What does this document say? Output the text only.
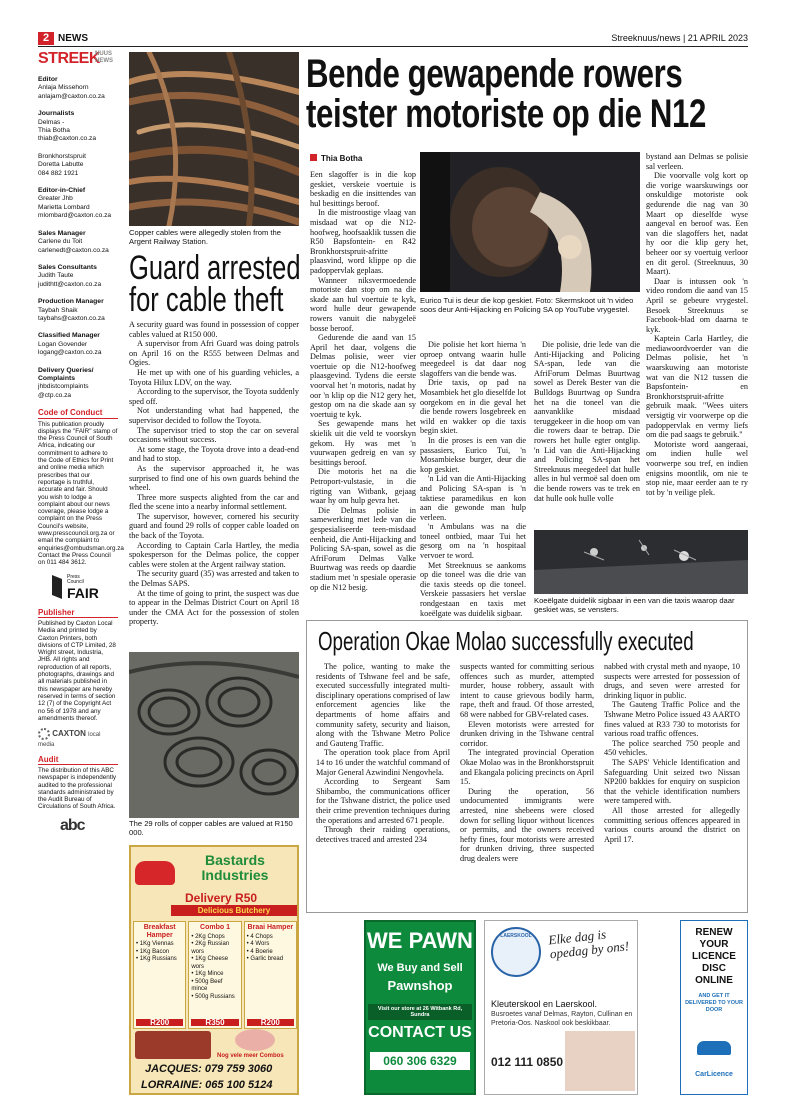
2 NEWS	Streeknuus/news | 21 APRIL 2023
STREEK
NUUS
NEWS
Editor
Anlaja Missehorn
anlajam@caxton.co.za
Journalists
Delmas -
Thia Botha
thiab@caxton.co.za
Bronkhorstspruit
Doretta Labutte
084 882 1921
Editor-in-Chief
Greater Jhb
Marietta Lombard
mlombard@caxton.co.za
Sales Manager
Carlene du Toit
carlenedt@caxton.co.za
Sales Consultants
Judith Taute
judithtt@caxton.co.za
Production Manager
Taybah Shaik
taybahs@caxton.co.za
Classified Manager
Logan Govender
logang@caxton.co.za
Delivery Queries/ Complaints
jhbdistcomplaints
@ctp.co.za
Code of Conduct
This publication proudly displays the "FAIR" stamp of the Press Council of South Africa, indicating our commitment to adhere to the Code of Ethics for Print and online media which prescribes that our reportage is truthful, accurate and fair. Should you wish to lodge a complaint about our news coverage, please lodge a complaint on the Press Council's website, www.presscouncil.org.za or email the complaint to enquiries@ombudsman.org.za Contact the Press Council on 011 484 3612.
Press Council
FAIR
Publisher
Published by Caxton Local Media and printed by Caxton Printers, both divisions of CTP Limited, 28 Wright street, Industria, JHB. All rights and reproduction of all reports, photographs, drawings and all materials published in this newspaper are hereby reserved in terms of section 12 (7) of the Copyright Act no 56 of 1978 and any amendments thereof.
CAXTON local media
Audit
The distribution of this ABC newspaper is independently audited to the professional standards administrated by the Audit Bureau of Circulations of South Africa.
abc
Copper cables were allegedly stolen from the Argent Railway Station.
Guard arrested for cable theft

A security guard was found in possession of copper cables valued at R150 000.

A supervisor from Afri Guard was doing patrols on April 16 on the R555 between Delmas and Ogies.

He met up with one of his guarding vehicles, a Toyota Hilux LDV, on the way.

According to the supervisor, the Toyota suddenly sped off.

Not understanding what had happened, the supervisor decided to follow the Toyota.

The supervisor tried to stop the car on several occasions without success.

At some stage, the Toyota drove into a dead-end and had to stop.

As the supervisor approached it, he was surprised to find one of his own guards behind the wheel.

Three more suspects alighted from the car and fled the scene into a nearby informal settlement.

The supervisor, however, cornered his security guard and found 29 rolls of copper cable loaded on the back of the Toyota.

According to Captain Carla Hartley, the media spokesperson for the Delmas police, the copper cables were stolen at the Argent railway station.

The security guard (35) was arrested and taken to the Delmas SAPS.

At the time of going to print, the suspect was due to appear in the Delmas District Court on April 18 under the CMA Act for the possession of stolen property.

The 29 rolls of copper cables are valued at R150 000.
Bastards Industries
Delivery R50
Delicious Butchery
Breakfast Hamper
• 1Kg Viennas
• 1Kg Bacon
• 1Kg Russians
R200
Combo 1
• 2Kg Chops
• 2Kg Russian wors
• 1Kg Cheese wors
• 1Kg Mince
• 500g Beef mince
• 500g Russians
R350
Braai Hamper
• 4 Chops
• 4 Wors
• 4 Boerie
• Garlic bread
R200
Nog vele meer Combos
JACQUES: 079 759 3060
LORRAINE: 065 100 5124
Bende gewapende rowers teister motoriste op die N12
Thia Botha

Een slagoffer is in die kop geskiet, verskeie voertuie is beskadig en die insittendes van hul besittings beroof.

In die mistroostige vlaag van misdaad wat op die N12-hoofweg, hoofsaaklik tussen die R50 Bapsfontein- en R42 Bronkhorstspruit-afritte plaasvind, word klippe op die padoppervlak geplaas.

Wanneer niksvermoedende motoriste dan stop om na die skade aan hul voertuie te kyk, word hulle deur gewapende rowers vanuit die nabygeleë bosse beroof.

Gedurende die aand van 15 April het daar, volgens die Delmas polisie, weer vier voertuie op die N12-hoofweg plaasgevind. Tydens die eerste voorval het 'n motoris, nadat hy oor 'n klip op die N12 gery het, gestop om na die skade aan sy voertuig te kyk.

Ses gewapende mans het skielik uit die veld te voorskyn gekom. Hy was met 'n vuurwapen gedreig en van sy besittings beroof.

Die motoris het na die Petroport-vulstasie, in die rigting van Witbank, gejaag waar hy om hulp gevra het.

Die Delmas polisie in samewerking met lede van die gespesialiseerde teen-misdaad eenheid, die Anti-Hijacking and Policing SA-span, sowel as die AfriForum Delmas Valke Buurtwag was reeds op daardie stadium met 'n spesiale operasie op die N12 besig.

Eurico Tui is deur die kop geskiet. Foto: Skermskoot uit 'n video soos deur Anti-Hijacking en Policing SA op YouTube vrygestel.

Die polisie het kort hierna 'n oproep ontvang waarin hulle meegedeel is dat daar nog slagoffers van die bende was.

Drie taxis, op pad na Mosambiek het glo dieselfde lot oorgekom en in die geval het die bende rowers losgebreek en wild en wakker op die taxis begin skiet.

In die proses is een van die passasiers, Eurico Tui, 'n Mosambiekse burger, deur die kop geskiet.

'n Lid van die Anti-Hijacking and Policing SA-span is 'n taktiese paramedikus en kon aan die gewonde man hulp verleen.

'n Ambulans was na die toneel ontbied, maar Tui het gesorg om na 'n hospitaal vervoer te word.

Met Streeknuus se aankoms op die toneel was die drie van die taxis steeds op die toneel. Verskeie passasiers het verslae rondgestaan en taxis met koeëlgate was duidelik sigbaar.

Die polisie, drie lede van die Anti-Hijacking and Policing SA-span, lede van die AfriForum Delmas Buurtwag sowel as Derek Bester van die Bulldogs Buurtwag op Sundra het na die toneel van die aanvanklike misdaad teruggekeer in die hoop om van die rowers daar te betrap. Die rowers het hulle egter ontglip. 'n Lid van die Anti-Hijacking and Policing SA-span het Streeknuus meegedeel dat hulle alles in hul vermoë sal doen om die bende rowers vas te trek en dat hulle ook hulle volle

bystand aan Delmas se polisie sal verleen.

Die voorvalle volg kort op die vorige waarskuwings oor onskuldige motoriste ook gedurende die nag van 30 Maart op dieselfde wyse aangeval en beroof was. Een van die slagoffers het, nadat hy oor die klip gery het, beheer oor sy voertuig verloor en dit gerol. (Streeknuus, 30 Maart).

Daar is intussen ook 'n video rondom die aand van 15 April se gebeure vrygestel. Besoek Streeknuus se Facebook-blad om daarna te kyk.

Kaptein Carla Hartley, die mediawoordvoerder van die Delmas polisie, het 'n waarskuwing aan motoriste wat van die N12 tussen die Bapsfontein- en Bronkhorstspruit-afritte gebruik maak. "Wees uiters versigtig vir voorwerpe op die padoppervlak en vermy liefs om die pad saags te gebruik."

Motoriste word aangeraai, om indien hulle wel voorwerpe sou tref, en indien enigsins moontlik, om nie te stop nie, maar eerder aan te ry tot by 'n veilige plek.

Koeëlgate duidelik sigbaar in een van die taxis waarop daar geskiet was, se vensters.
Operation Okae Molao successfully executed

The police, wanting to make the residents of Tshwane feel and be safe, executed successfully integrated multi-disciplinary operations comprised of law enforcement agencies like the departments of home affairs and community safety, security and liaison, along with the Tshwane Metro Police and Gauteng Traffic.

The operation took place from April 14 to 16 under the watchful command of Major General Azwindini Nengovhela.

According to Sergeant Sam Shibambo, the communications officer for the Tshwane district, the police used their crime prevention techniques during the operations and arrested 671 people.

Through their raiding operations, detectives traced and arrested 234

suspects wanted for committing serious offences such as murder, attempted murder, house robbery, assault with intent to cause grievous bodily harm, rape, theft and fraud. Of those arrested, 68 were nabbed for GBV-related cases.

Eleven motorists were arrested for drunken driving in the Tshwane central corridor.

The integrated provincial Operation Okae Molao was in the Bronkhorstspruit and Ekangala policing precincts on April 15.

During the operation, 56 undocumented immigrants were arrested, nine shebeens were closed down for selling liquor without licences or permits, and the owners received hefty fines, four motorists were arrested for drunken driving, three suspected drug dealers were

nabbed with crystal meth and nyaope, 10 suspects were arrested for possession of drugs, and seven were arrested for drinking liquor in public.

The Gauteng Traffic Police and the Tshwane Metro Police issued 43 AARTO fines valued at R33 730 to motorists for various road traffic offences.

The police searched 750 people and 450 vehicles.

The SAPS' Vehicle Identification and Safeguarding Unit seized two Nissan NP200 bakkies for enquiry on suspicion that the vehicle identification numbers were tampered with.

All those arrested for allegedly committing serious offences appeared in various courts around the district on April 17.

WE PAWN
We Buy and Sell
Pawnshop
Visit our store at 26 Witbank Rd, Sundra
CONTACT US
060 306 6329
LAERSKOOL	Elke dag is opedag by ons!
Kleuterskool en Laerskool.
Busroetes vanaf Delmas, Rayton, Cullinan en Pretoria-Oos. Naskool ook beskikbaar.
012 111 0850
RENEW
YOUR
LICENCE
DISC
ONLINE
AND GET IT DELIVERED TO YOUR DOOR
CarLicence
